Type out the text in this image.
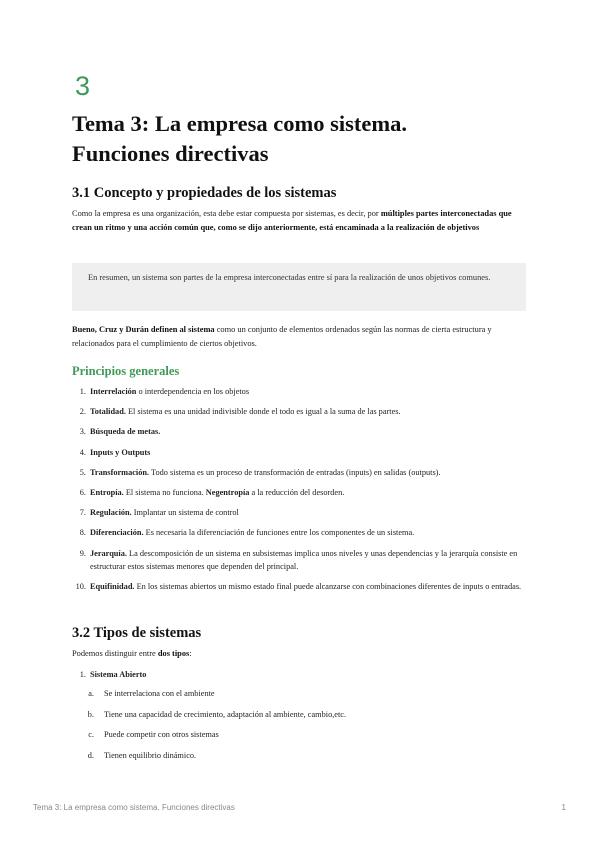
3
Tema 3: La empresa como sistema.
Funciones directivas
3.1 Concepto y propiedades de los sistemas
Como la empresa es una organización, esta debe estar compuesta por sistemas, es decir, por múltiples partes interconectadas que crean un ritmo y una acción común que, como se dijo anteriormente, está encaminada a la realización de objetivos
En resumen, un sistema son partes de la empresa interconectadas entre sí para la realización de unos objetivos comunes.
Bueno, Cruz y Durán definen al sistema como un conjunto de elementos ordenados según las normas de cierta estructura y relacionados para el cumplimiento de ciertos objetivos.
Principios generales
1. Interrelación o interdependencia en los objetos
2. Totalidad. El sistema es una unidad indivisible donde el todo es igual a la suma de las partes.
3. Búsqueda de metas.
4. Inputs y Outputs
5. Transformación. Todo sistema es un proceso de transformación de entradas (inputs) en salidas (outputs).
6. Entropía. El sistema no funciona. Negentropía a la reducción del desorden.
7. Regulación. Implantar un sistema de control
8. Diferenciación. Es necesaria la diferenciación de funciones entre los componentes de un sistema.
9. Jerarquía. La descomposición de un sistema en subsistemas implica unos niveles y unas dependencias y la jerarquía consiste en estructurar estos sistemas menores que dependen del principal.
10. Equifinidad. En los sistemas abiertos un mismo estado final puede alcanzarse con combinaciones diferentes de inputs o entradas.
3.2 Tipos de sistemas
Podemos distinguir entre dos tipos:
1. Sistema Abierto
a. Se interrelaciona con el ambiente
b. Tiene una capacidad de crecimiento, adaptación al ambiente, cambio,etc.
c. Puede competir con otros sistemas
d. Tienen equilibrio dinámico.
Tema 3: La empresa como sistema. Funciones directivas	1
